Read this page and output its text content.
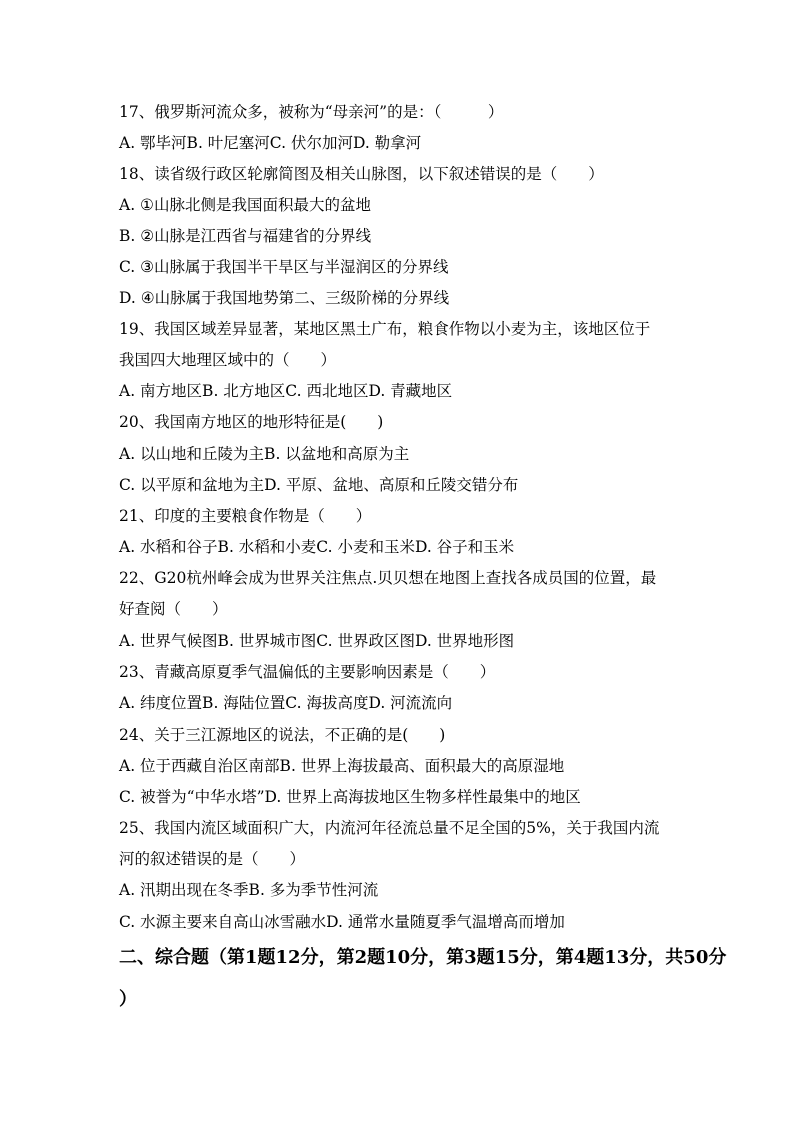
17、俄罗斯河流众多，被称为“母亲河”的是：（　　　）
A. 鄂毕河B. 叶尼塞河C. 伏尔加河D. 勒拿河
18、读省级行政区轮廓简图及相关山脉图，以下叙述错误的是（　　）
A. ①山脉北侧是我国面积最大的盆地
B. ②山脉是江西省与福建省的分界线
C. ③山脉属于我国半干旱区与半湿润区的分界线
D. ④山脉属于我国地势第二、三级阶梯的分界线
19、我国区域差异显著，某地区黑土广布，粮食作物以小麦为主，该地区位于
我国四大地理区域中的（　　）
A. 南方地区B. 北方地区C. 西北地区D. 青藏地区
20、我国南方地区的地形特征是(　　)
A. 以山地和丘陵为主B. 以盆地和高原为主
C. 以平原和盆地为主D. 平原、盆地、高原和丘陵交错分布
21、印度的主要粮食作物是（　　）
A. 水稻和谷子B. 水稻和小麦C. 小麦和玉米D. 谷子和玉米
22、G20杭州峰会成为世界关注焦点.贝贝想在地图上查找各成员国的位置，最
好查阅（　　）
A. 世界气候图B. 世界城市图C. 世界政区图D. 世界地形图
23、青藏高原夏季气温偏低的主要影响因素是（　　）
A. 纬度位置B. 海陆位置C. 海拔高度D. 河流流向
24、关于三江源地区的说法，不正确的是(　　)
A. 位于西藏自治区南部B. 世界上海拔最高、面积最大的高原湿地
C. 被誉为“中华水塔”D. 世界上高海拔地区生物多样性最集中的地区
25、我国内流区域面积广大，内流河年径流总量不足全国的5%，关于我国内流
河的叙述错误的是（　　）
A. 汛期出现在冬季B. 多为季节性河流
C. 水源主要来自高山冰雪融水D. 通常水量随夏季气温增高而增加
二、综合题（第1题12分，第2题10分，第3题15分，第4题13分，共50分
）
